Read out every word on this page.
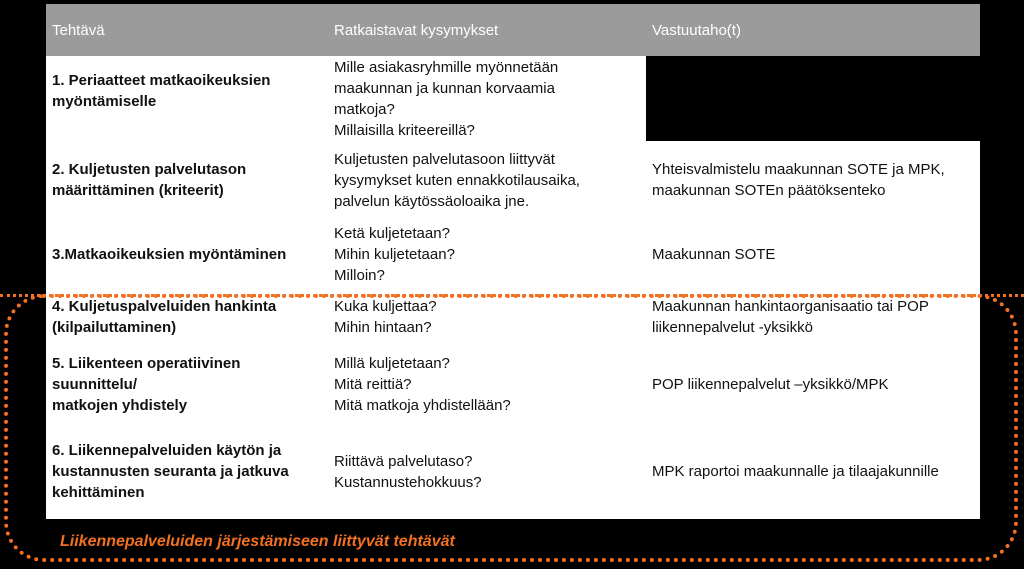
Tehtävä	Ratkaistavat kysymykset	Vastuutaho(t)
1. Periaatteet matkaoikeuksien
myöntämiselle
Mille asiakasryhmille myönnetään
maakunnan ja kunnan korvaamia
matkoja?
Millaisilla kriteereillä?
2. Kuljetusten palvelutason
määrittäminen (kriteerit)
Kuljetusten palvelutasoon liittyvät
kysymykset kuten ennakkotilausaika,
palvelun käytössäoloaika jne.
Yhteisvalmistelu maakunnan SOTE ja MPK,
maakunnan SOTEn päätöksenteko
3.Matkaoikeuksien myöntäminen
Ketä kuljetetaan?
Mihin kuljetetaan?
Milloin?
Maakunnan SOTE
4. Kuljetuspalveluiden hankinta
(kilpailuttaminen)
Kuka kuljettaa?
Mihin hintaan?
Maakunnan hankintaorganisaatio tai POP
liikennepalvelut -yksikkö
5. Liikenteen operatiivinen
suunnittelu/
matkojen yhdistely
Millä kuljetetaan?
Mitä reittiä?
Mitä matkoja yhdistellään?
POP liikennepalvelut –yksikkö/MPK
6. Liikennepalveluiden käytön ja
kustannusten seuranta ja jatkuva
kehittäminen
Riittävä palvelutaso?
Kustannustehokkuus?
MPK raportoi maakunnalle ja tilaajakunnille
Liikennepalveluiden järjestämiseen liittyvät tehtävät
